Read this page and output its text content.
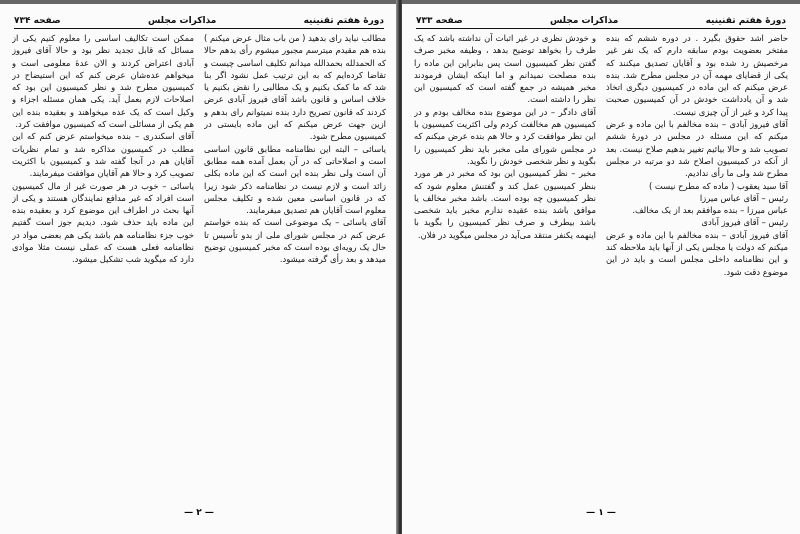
دورهٔ هفتم تقنینیه
مذاکرات مجلس
صفحه ۷۳۴

مطالب نباید رای بدهید ( من باب مثال عرض میکنم ) بنده هم مقیدم میترسم مجبور میشوم رأی بدهم حالا که الحمدلله بحمدالله میدانم تکلیف اساسی چیست و تقاضا کرده‌ایم که به این ترتیب عمل نشود اگر بنا شد که ما کمک بکنیم و یک مطالبی را نقض بکنیم یا خلاف اساس و قانون باشد آقای فیروز آبادی عرض کردند که قانون تصریح دارد بنده نمیتوانم رای بدهم و ازین جهت عرض میکنم که این ماده بایستی در کمیسیون مطرح شود.

یاسائی – البته این نظامنامه مطابق قانون اساسی است و اصلاحاتی که در آن بعمل آمده همه مطابق آن است ولی نظر بنده این است که این ماده بکلی زائد است و لازم نیست در نظامنامه ذکر شود زیرا که در قانون اساسی معین شده و تکلیف مجلس معلوم است آقایان هم تصدیق میفرمایند.

آقای یاسائی – یک موضوعی است که بنده خواستم عرض کنم در مجلس شورای ملی از بدو تأسیس تا حال یک رویه‌ای بوده است که مخبر کمیسیون توضیح میدهد و بعد رأی گرفته میشود.

ممکن است تکالیف اساسی را معلوم کنیم یکی از مسائل که قابل تجدید نظر بود و حالا آقای فیروز آبادی اعتراض کردند و الان عدهٔ معلومی است و میخواهم عده‌شان عرض کنم که این استیضاح در کمیسیون مطرح شد و نظر کمیسیون این بود که اصلاحات لازم بعمل آید. یکی همان مسئله اجزاء و وکیل است که یک عده میخواهند و بعقیده بنده این هم یکی از مسائلی است که کمیسیون موافقت کرد.

آقای اسکندری – بنده میخواستم عرض کنم که این مطلب در کمیسیون مذاکره شد و تمام نظریات آقایان هم در آنجا گفته شد و کمیسیون با اکثریت تصویب کرد و حالا هم آقایان موافقت میفرمایند.

یاسائی – خوب در هر صورت غیر از مال کمیسیون است افراد که غیر مدافع نمایندگان هستند و یکی از آنها بحث در اطراف این موضوع کرد و بعقیده بنده این ماده باید حذف شود. دیدیم جوز است گفتیم خوب جزء نظامنامه هم باشد یکی هم بعضی مواد در نظامنامه فعلی هست که عملی نیست مثلا موادی دارد که میگوید شب تشکیل میشود.

— ۲ —
دورهٔ هفتم تقنینیه
مذاکرات مجلس
صفحه ۷۳۳

حاضر اشد حقوق بگیرد . در دوره ششم که بنده مفتخر بعضویت بودم سابقه دارم که یک نفر غیر مرخصیش رد شده بود و آقایان تصدیق میکنند که یکی از قضایای مهمه آن در مجلس مطرح شد. بنده عرض میکنم که این ماده در کمیسیون دیگری اتخاذ شد و آن یادداشت خودش در آن کمیسیون صحبت پیدا کرد و غیر از آن چیزی نیست.

آقای فیروز آبادی – بنده مخالفم با این ماده و عرض میکنم که این مسئله در مجلس در دورهٔ ششم تصویب شد و حالا بیائیم تغییر بدهیم صلاح نیست. بعد از آنکه در کمیسیون اصلاح شد دو مرتبه در مجلس مطرح شد ولی ما رأی ندادیم.

آقا سید یعقوب ( ماده که مطرح نیست )

رئیس – آقای عباس میرزا

عباس میرزا – بنده موافقم بعد از یک مخالف.

رئیس – آقای فیروز آبادی

آقای فیروز آبادی – بنده مخالفم با این ماده و عرض میکنم که دولت یا مجلس یکی از آنها باید ملاحظه کند و این نظامنامه داخلی مجلس است و باید در این موضوع دقت شود.

و خودش نظری در غیر اثبات آن نداشته باشد که یک طرف را بخواهد توضیح بدهد ، وظیفه مخبر صرف گفتن نظر کمیسیون است پس بنابراین این ماده را بنده مصلحت نمیدانم و اما اینکه ایشان فرمودند مخبر همیشه در جمع گفته است که کمیسیون این نظر را داشته است.

آقای دادگر – در این موضوع بنده مخالف بودم و در کمیسیون هم مخالفت کردم ولی اکثریت کمیسیون با این نظر موافقت کرد و حالا هم بنده عرض میکنم که در مجلس شورای ملی مخبر باید نظر کمیسیون را بگوید و نظر شخصی خودش را نگوید.

مخبر – نظر کمیسیون این بود که مخبر در هر مورد بنظر کمیسیون عمل کند و گفتنش معلوم شود که نظر کمیسیون چه بوده است. باشد مخبر مخالف یا موافق باشد بنده عقیده ندارم مخبر باید شخصی باشد بیطرف و صرف نظر کمیسیون را بگوید با اینهمه یکنفر منتقد می‌آید در مجلس میگوید در فلان.

— ۱ —
